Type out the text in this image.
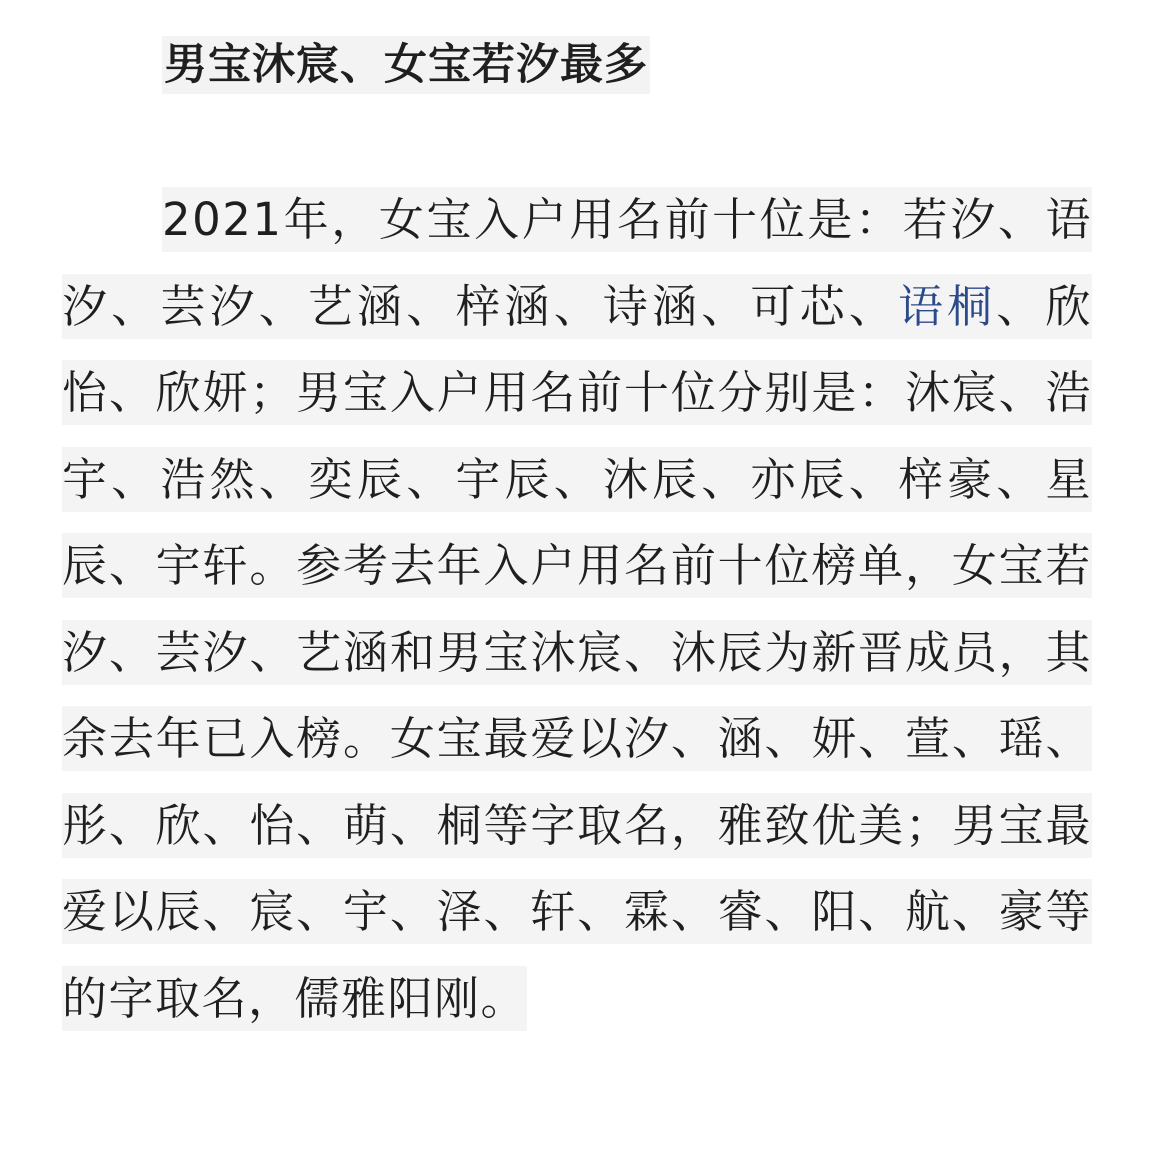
男宝沐宸、女宝若汐最多

2021年，女宝入户用名前十位是：若汐、语汐、芸汐、艺涵、梓涵、诗涵、可芯、语桐、欣怡、欣妍；男宝入户用名前十位分别是：沐宸、浩宇、浩然、奕辰、宇辰、沐辰、亦辰、梓豪、星辰、宇轩。参考去年入户用名前十位榜单，女宝若汐、芸汐、艺涵和男宝沐宸、沐辰为新晋成员，其余去年已入榜。女宝最爱以汐、涵、妍、萱、瑶、彤、欣、怡、萌、桐等字取名，雅致优美；男宝最爱以辰、宸、宇、泽、轩、霖、睿、阳、航、豪等的字取名，儒雅阳刚。
